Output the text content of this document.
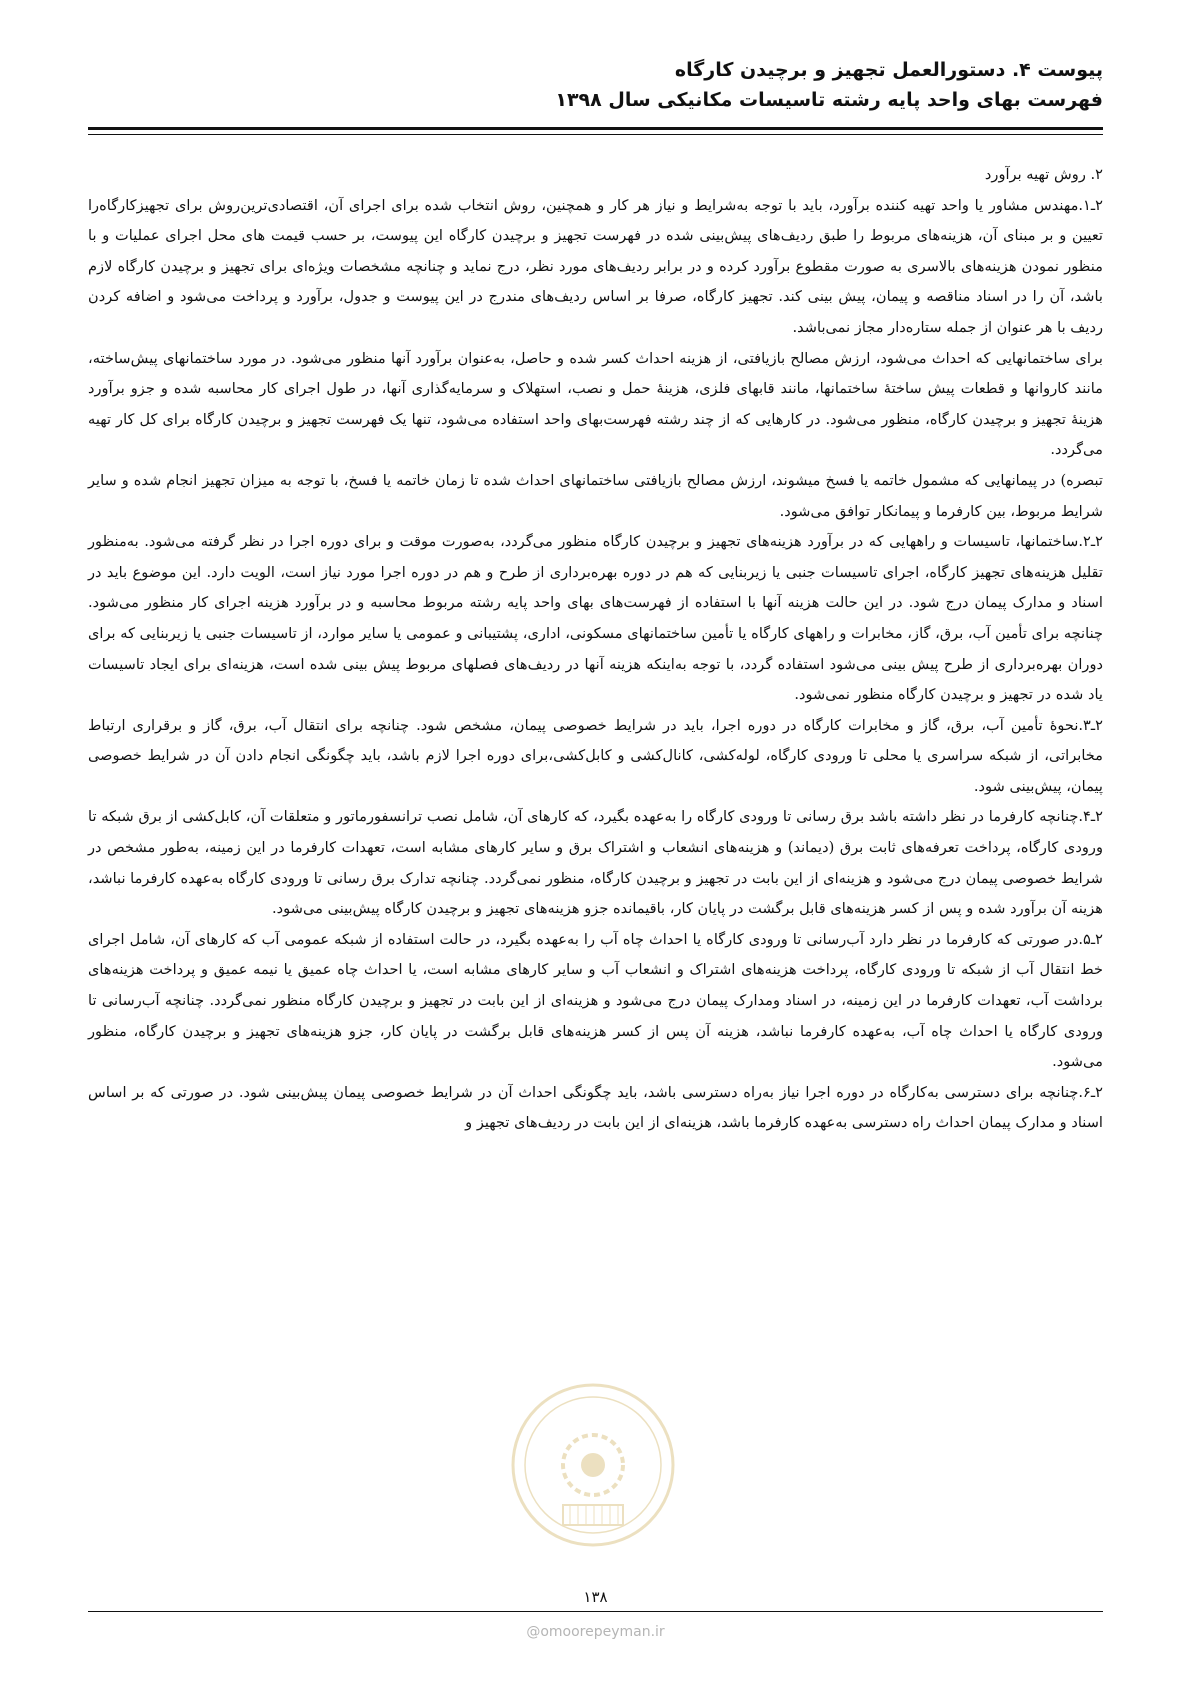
پیوست ۴. دستورالعمل تجهیز و برچیدن کارگاه
فهرست بهای واحد پایه رشته تاسیسات مکانیکی سال ۱۳۹۸

۲. روش تهیه برآورد

۲ـ۱.مهندس مشاور یا واحد تهیه کننده برآورد، باید با توجه به‌شرایط و نیاز هر کار و همچنین، روش انتخاب شده برای اجرای آن، اقتصادی‌ترین‌روش برای تجهیزکارگاه‌را تعیین و بر مبنای آن، هزینه‌های مربوط را طبق ردیف‌های پیش‌بینی شده در فهرست تجهیز و برچیدن کارگاه این پیوست، بر حسب قیمت های محل اجرای عملیات و با منظور نمودن هزینه‌های بالاسری به صورت مقطوع برآورد کرده و در برابر ردیف‌های مورد نظر، درج نماید و چنانچه مشخصات ویژه‌ای برای تجهیز و برچیدن کارگاه لازم باشد، آن را در اسناد مناقصه و پیمان، پیش بینی کند. تجهیز کارگاه، صرفا بر اساس ردیف‌های مندرج در این پیوست و جدول، برآورد و پرداخت می‌شود و اضافه کردن ردیف با هر عنوان از جمله ستاره‌دار مجاز نمی‌باشد.

برای ساختمانهایی که احداث می‌شود، ارزش مصالح بازیافتی، از هزینه احداث کسر شده و حاصل، به‌عنوان برآورد آنها منظور می‌شود. در مورد ساختمانهای پیش‌ساخته، مانند کاروانها و قطعات پیش ساختهٔ ساختمانها، مانند قابهای فلزی، هزینهٔ حمل و نصب، استهلاک و سرمایه‌گذاری آنها، در طول اجرای کار محاسبه شده و جزو برآورد هزینهٔ تجهیز و برچیدن کارگاه، منظور می‌شود. در کارهایی که از چند رشته فهرست‌بهای واحد استفاده می‌شود، تنها یک فهرست تجهیز و برچیدن کارگاه برای کل کار تهیه می‌گردد.

تبصره) در پیمانهایی که مشمول خاتمه یا فسخ میشوند، ارزش مصالح بازیافتی ساختمانهای احداث شده تا زمان خاتمه یا فسخ، با توجه به میزان تجهیز انجام شده و سایر شرایط مربوط، بین کارفرما و پیمانکار توافق می‌شود.

۲ـ۲.ساختمانها، تاسیسات و راههایی که در برآورد هزینه‌های تجهیز و برچیدن کارگاه منظور می‌گردد، به‌صورت موقت و برای دوره اجرا در نظر گرفته می‌شود. به‌منظور تقلیل هزینه‌های تجهیز کارگاه، اجرای تاسیسات جنبی یا زیربنایی که هم در دوره بهره‌برداری از طرح و هم در دوره اجرا مورد نیاز است، الویت دارد. این موضوع باید در اسناد و مدارک پیمان درج شود. در این حالت هزینه آنها با استفاده از فهرست‌های بهای واحد پایه رشته مربوط محاسبه و در برآورد هزینه اجرای کار منظور می‌شود. چنانچه برای تأمین آب، برق، گاز، مخابرات و راههای کارگاه یا تأمین ساختمانهای مسکونی، اداری، پشتیبانی و عمومی یا سایر موارد، از تاسیسات جنبی یا زیربنایی که برای دوران بهره‌برداری از طرح پیش بینی می‌شود استفاده گردد، با توجه به‌اینکه هزینه آنها در ردیف‌های فصلهای مربوط پیش بینی شده است، هزینه‌ای برای ایجاد تاسیسات یاد شده در تجهیز و برچیدن کارگاه منظور نمی‌شود.

۲ـ۳.نحوهٔ تأمین آب، برق، گاز و مخابرات کارگاه در دوره اجرا، باید در شرایط خصوصی پیمان، مشخص شود. چنانچه برای انتقال آب، برق، گاز و برقراری ارتباط مخابراتی، از شبکه سراسری یا محلی تا ورودی کارگاه، لوله‌کشی، کانال‌کشی و کابل‌کشی،برای دوره اجرا لازم باشد، باید چگونگی انجام دادن آن در شرایط خصوصی پیمان، پیش‌بینی شود.

۲ـ۴.چنانچه کارفرما در نظر داشته باشد برق رسانی تا ورودی کارگاه را به‌عهده بگیرد، که کارهای آن، شامل نصب ترانسفورماتور و متعلقات آن، کابل‌کشی از برق شبکه تا ورودی کارگاه، پرداخت تعرفه‌های ثابت برق (دیماند) و هزینه‌های انشعاب و اشتراک برق و سایر کارهای مشابه است، تعهدات کارفرما در این زمینه، به‌طور مشخص در شرایط خصوصی پیمان درج می‌شود و هزینه‌ای از این بابت در تجهیز و برچیدن کارگاه، منظور نمی‌گردد. چنانچه تدارک برق رسانی تا ورودی کارگاه به‌عهده کارفرما نباشد، هزینه آن برآورد شده و پس از کسر هزینه‌های قابل برگشت در پایان کار، باقیمانده جزو هزینه‌های تجهیز و برچیدن کارگاه پیش‌بینی می‌شود.

۲ـ۵.در صورتی که کارفرما در نظر دارد آب‌رسانی تا ورودی کارگاه یا احداث چاه آب را به‌عهده بگیرد، در حالت استفاده از شبکه عمومی آب که کارهای آن، شامل اجرای خط انتقال آب از شبکه تا ورودی کارگاه، پرداخت هزینه‌های اشتراک و انشعاب آب و سایر کارهای مشابه است، یا احداث چاه عمیق یا نیمه عمیق و پرداخت هزینه‌های برداشت آب، تعهدات کارفرما در این زمینه، در اسناد ومدارک پیمان درج می‌شود و هزینه‌ای از این بابت در تجهیز و برچیدن کارگاه منظور نمی‌گردد. چنانچه آب‌رسانی تا ورودی کارگاه یا احداث چاه آب، به‌عهده کارفرما نباشد، هزینه آن پس از کسر هزینه‌های قابل برگشت در پایان کار، جزو هزینه‌های تجهیز و برچیدن کارگاه، منظور می‌شود.

۲ـ۶.چنانچه برای دسترسی به‌کارگاه در دوره اجرا نیاز به‌راه دسترسی باشد، باید چگونگی احداث آن در شرایط خصوصی پیمان پیش‌بینی شود. در صورتی که بر اساس اسناد و مدارک پیمان احداث راه دسترسی به‌عهده کارفرما باشد، هزینه‌ای از این بابت در ردیف‌های تجهیز و

۱۳۸
@omoorepeyman.ir
